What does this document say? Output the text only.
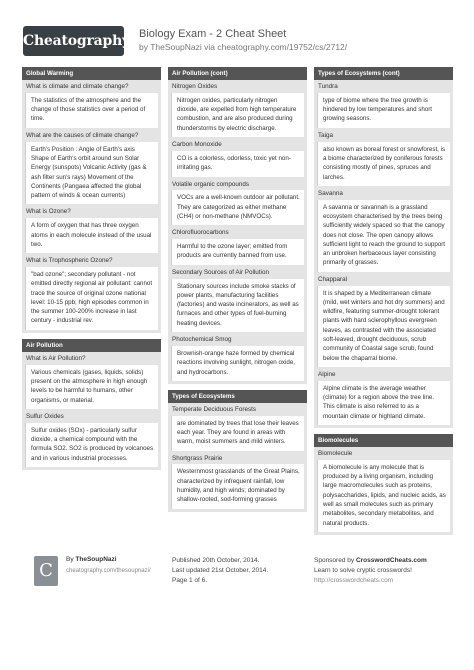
Cheatography Biology Exam - 2 Cheat Sheet
by TheSoupNazi via cheatography.com/19752/cs/2712/
Global Warming
What is climate and climate change?
The statistics of the atmosphere and the change of those statistics over a period of time.
What are the causes of climate change?
Earth's Position : Angle of Earth's axis Shape of Earth's orbit around sun Solar Energy (sunspots) Volcanic Activity (gas & ash filter sun's rays) Movement of the Continents (Pangaea affected the global pattern of winds & ocean currents)
What is Ozone?
A form of oxygen that has three oxygen atoms in each molecule instead of the usual two.
What is Trophospheric Ozone?
"bad ozone"; secondary pollutant - not emitted directly regional air pollutant: cannot trace the source of original ozone national level: 10-15 ppb; high episodes common in the summer 100-200% increase in last century - industrial rev.
Air Pollution
What is Air Pollution?
Various chemicals (gases, liquids, solids) present on the atmosphere in high enough levels to be harmful to humans, other organisms, or material.
Sulfur Oxides
Sulfur oxides (SOx) - particularly sulfur dioxide, a chemical compound with the formula SO2. SO2 is produced by volcanoes and in various industrial processes.
Air Pollution (cont)
Nitrogen Oxides
Nitrogen oxides, particularly nitrogen dioxide, are expelled from high temperature combustion, and are also produced during thunderstorms by electric discharge.
Carbon Monoxide
CO is a colorless, odorless, toxic yet non-irritating gas.
Volatile organic compounds
VOCs are a well-known outdoor air pollutant. They are categorized as either methane (CH4) or non-methane (NMVOCs).
Chlorofluorocarbons
Harmful to the ozone layer; emitted from products are currently banned from use.
Secondary Sources of Air Pollution
Stationary sources include smoke stacks of power plants, manufacturing facilities (factories) and waste incinerators, as well as furnaces and other types of fuel-burning heating devices.
Photochemical Smog
Brownish-orange haze formed by chemical reactions involving sunlight, nitrogen oxide, and hydrocarbons.
Types of Ecosystems
Temperate Deciduous Forests
are dominated by trees that lose their leaves each year. They are found in areas with warm, moist summers and mild winters.
Shortgrass Prairie
Westernmost grasslands of the Great Plains, characterized by infrequent rainfall, low humidity, and high winds; dominated by shallow-rooted, sod-forming grasses
Types of Ecosystems (cont)
Tundra
type of biome where the tree growth is hindered by low temperatures and short growing seasons.
Taiga
also known as boreal forest or snowforest, is a biome characterized by coniferous forests consisting mostly of pines, spruces and larches.
Savanna
A savanna or savannah is a grassland ecosystem characterised by the trees being sufficiently widely spaced so that the canopy does not close. The open canopy allows sufficient light to reach the ground to support an unbroken herbaceous layer consisting primarily of grasses.
Chapparal
It is shaped by a Mediterranean climate (mild, wet winters and hot dry summers) and wildfire, featuring summer-drought tolerant plants with hard sclerophyllous evergreen leaves, as contrasted with the associated soft-leaved, drought deciduous, scrub community of Coastal sage scrub, found below the chaparral biome.
Alpine
Alpine climate is the average weather (climate) for a region above the tree line. This climate is also referred to as a mountain climate or highland climate.
Biomolecules
Biomolecule
A biomolecule is any molecule that is produced by a living organism, including large macromolecules such as proteins, polysaccharides, lipids, and nucleic acids, as well as small molecules such as primary metabolites, secondary metabolites, and natural products.
C
By TheSoupNazi
cheatography.com/thesoupnazi/
Published 20th October, 2014.
Last updated 21st October, 2014.
Page 1 of 6.
Sponsored by CrosswordCheats.com
Learn to solve cryptic crosswords!
http://crosswordcheats.com
